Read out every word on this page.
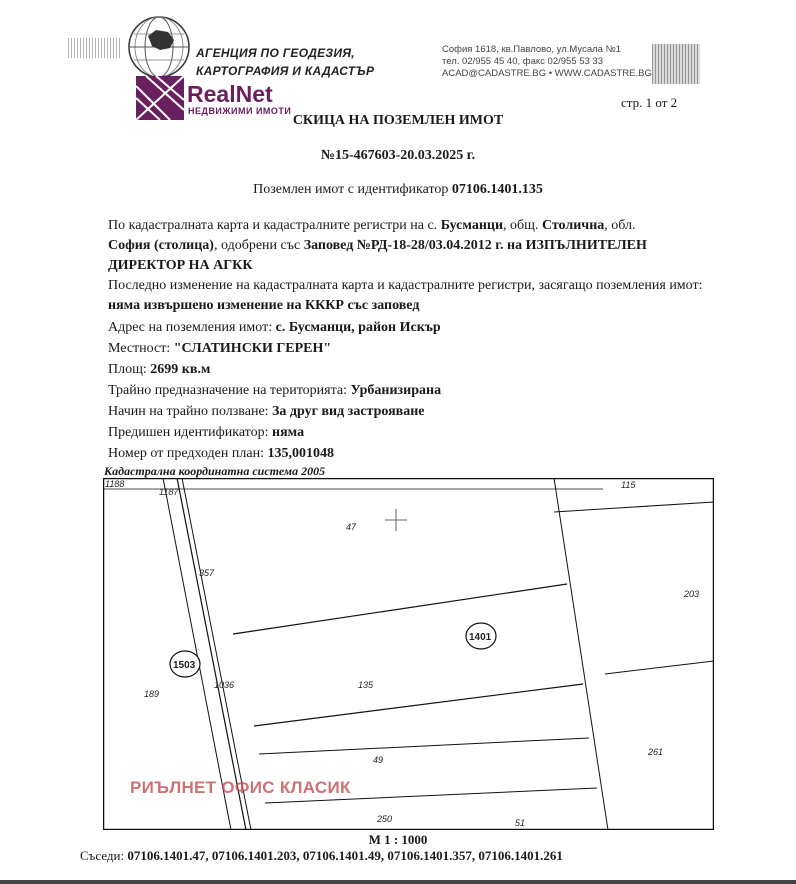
АГЕНЦИЯ ПО ГЕОДЕЗИЯ,
КАРТОГРАФИЯ И КАДАСТЪР
София 1618, кв.Павлово, ул.Мусала №1
тел. 02/955 45 40, факс 02/955 53 33
ACAD@CADASTRE.BG • WWW.CADASTRE.BG
RealNet
НЕДВИЖИМИ ИМОТИ
стр. 1 от 2
СКИЦА НА ПОЗЕМЛЕН ИМОТ
№15-467603-20.03.2025 г.
Поземлен имот с идентификатор 07106.1401.135
По кадастралната карта и кадастралните регистри на с. Бусманци, общ. Столична, обл.
София (столица), одобрени със Заповед №РД-18-28/03.04.2012 г. на ИЗПЪЛНИТЕЛЕН ДИРЕКТОР НА АГКК
Последно изменение на кадастралната карта и кадастралните регистри, засягащо поземления имот: няма извършено изменение на КККР със заповед
Адрес на поземления имот: с. Бусманци, район Искър
Местност: "СЛАТИНСКИ ГЕРЕН"
Площ: 2699 кв.м
Трайно предназначение на територията: Урбанизирана
Начин на трайно ползване: За друг вид застрояване
Предишен идентификатор: няма
Номер от предходен план: 135,001048
Кадастрална координатна система 2005
1188
1187
115
47
357
203
1401
1503
189
1036	135
49
261
250	51
РИЪЛНЕТ ОФИС КЛАСИК
М 1 : 1000
Съседи: 07106.1401.47, 07106.1401.203, 07106.1401.49, 07106.1401.357, 07106.1401.261
